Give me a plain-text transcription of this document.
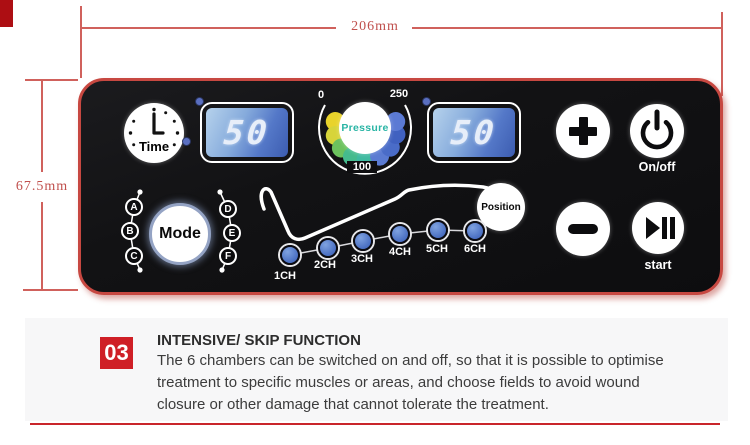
206mm
67.5mm
Time	50	Pressure
0	250
100
50
On/off
start
A
B
C
D
E
F
Mode
Position
1CH
2CH	3CH
4CH	5CH	6CH
03 INTENSIVE/ SKIP FUNCTION
The 6 chambers can be switched on and off, so that it is possible to optimise
treatment to specific muscles or areas, and choose fields to avoid wound
closure or other damage that cannot tolerate the treatment.
